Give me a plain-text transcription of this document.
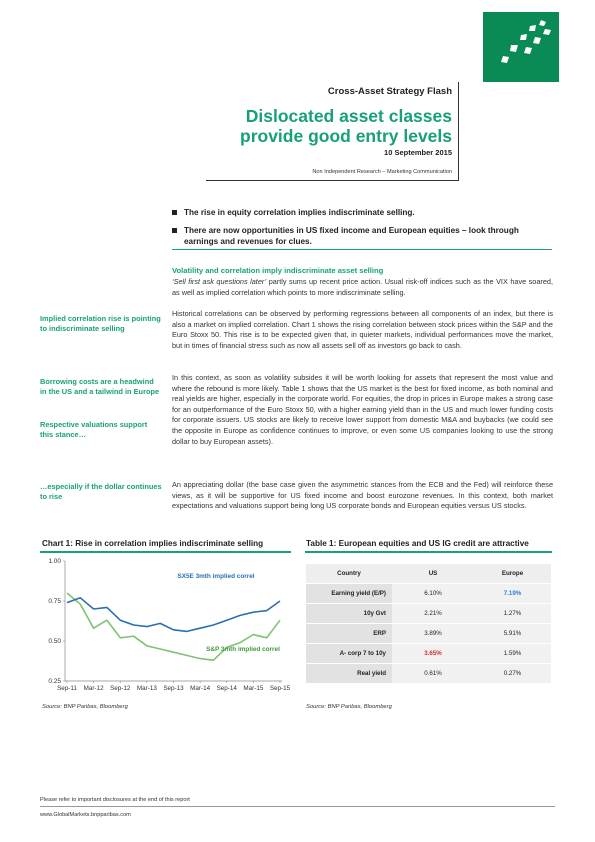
Cross-Asset Strategy Flash
Dislocated asset classes
provide good entry levels
10 September 2015
Non Independent Research – Marketing Communication
The rise in equity correlation implies indiscriminate selling.
There are now opportunities in US fixed income and European equities – look through earnings and revenues for clues.
Volatility and correlation imply indiscriminate asset selling
‘Sell first ask questions later’ partly sums up recent price action. Usual risk-off indices such as the VIX have soared, as well as implied correlation which points to more indiscriminate selling.
Historical correlations can be observed by performing regressions between all components of an index, but there is also a market on implied correlation. Chart 1 shows the rising correlation between stock prices within the S&P and the Euro Stoxx 50. This rise is to be expected given that, in quieter markets, individual performances move the market, but in times of financial stress such as now all assets sell off as investors go back to cash.
In this context, as soon as volatility subsides it will be worth looking for assets that represent the most value and where the rebound is more likely. Table 1 shows that the US market is the best for fixed income, as both nominal and real yields are higher, especially in the corporate world. For equities, the drop in prices in Europe makes a strong case for an outperformance of the Euro Stoxx 50, with a higher earning yield than in the US and much lower funding costs for corporate issuers. US stocks are likely to receive lower support from domestic M&A and buybacks (we could see the opposite in Europe as confidence continues to improve, or even some US companies looking to use the strong dollar to buy European assets).
An appreciating dollar (the base case given the asymmetric stances from the ECB and the Fed) will reinforce these views, as it will be supportive for US fixed income and boost eurozone revenues. In this context, both market expectations and valuations support being long US corporate bonds and European equities versus US stocks.
Implied correlation rise is pointing to indiscriminate selling
Borrowing costs are a headwind in the US and a tailwind in Europe
Respective valuations support this stance…
…especially if the dollar continues to rise
Chart 1: Rise in correlation implies indiscriminate selling
1.00
0.75
0.50
0.25
Sep-11 Mar-12 Sep-12 Mar-13 Sep-13 Mar-14 Sep-14 Mar-15 Sep-15
SX5E 3mth implied correl
S&P 3mth implied correl
Source: BNP Paribas, Bloomberg
Table 1: European equities and US IG credit are attractive
Country	US	Europe
Earning yield (E/P)	6.10%	7.19%
10y Gvt	2.21%	1.27%
ERP	3.89%	5.91%
A- corp 7 to 10y	3.65%	1.59%
Real yield	0.61%	0.27%
Source: BNP Paribas, Bloomberg
Please refer to important disclosures at the end of this report
www.GlobalMarkets.bnpparibas.com
